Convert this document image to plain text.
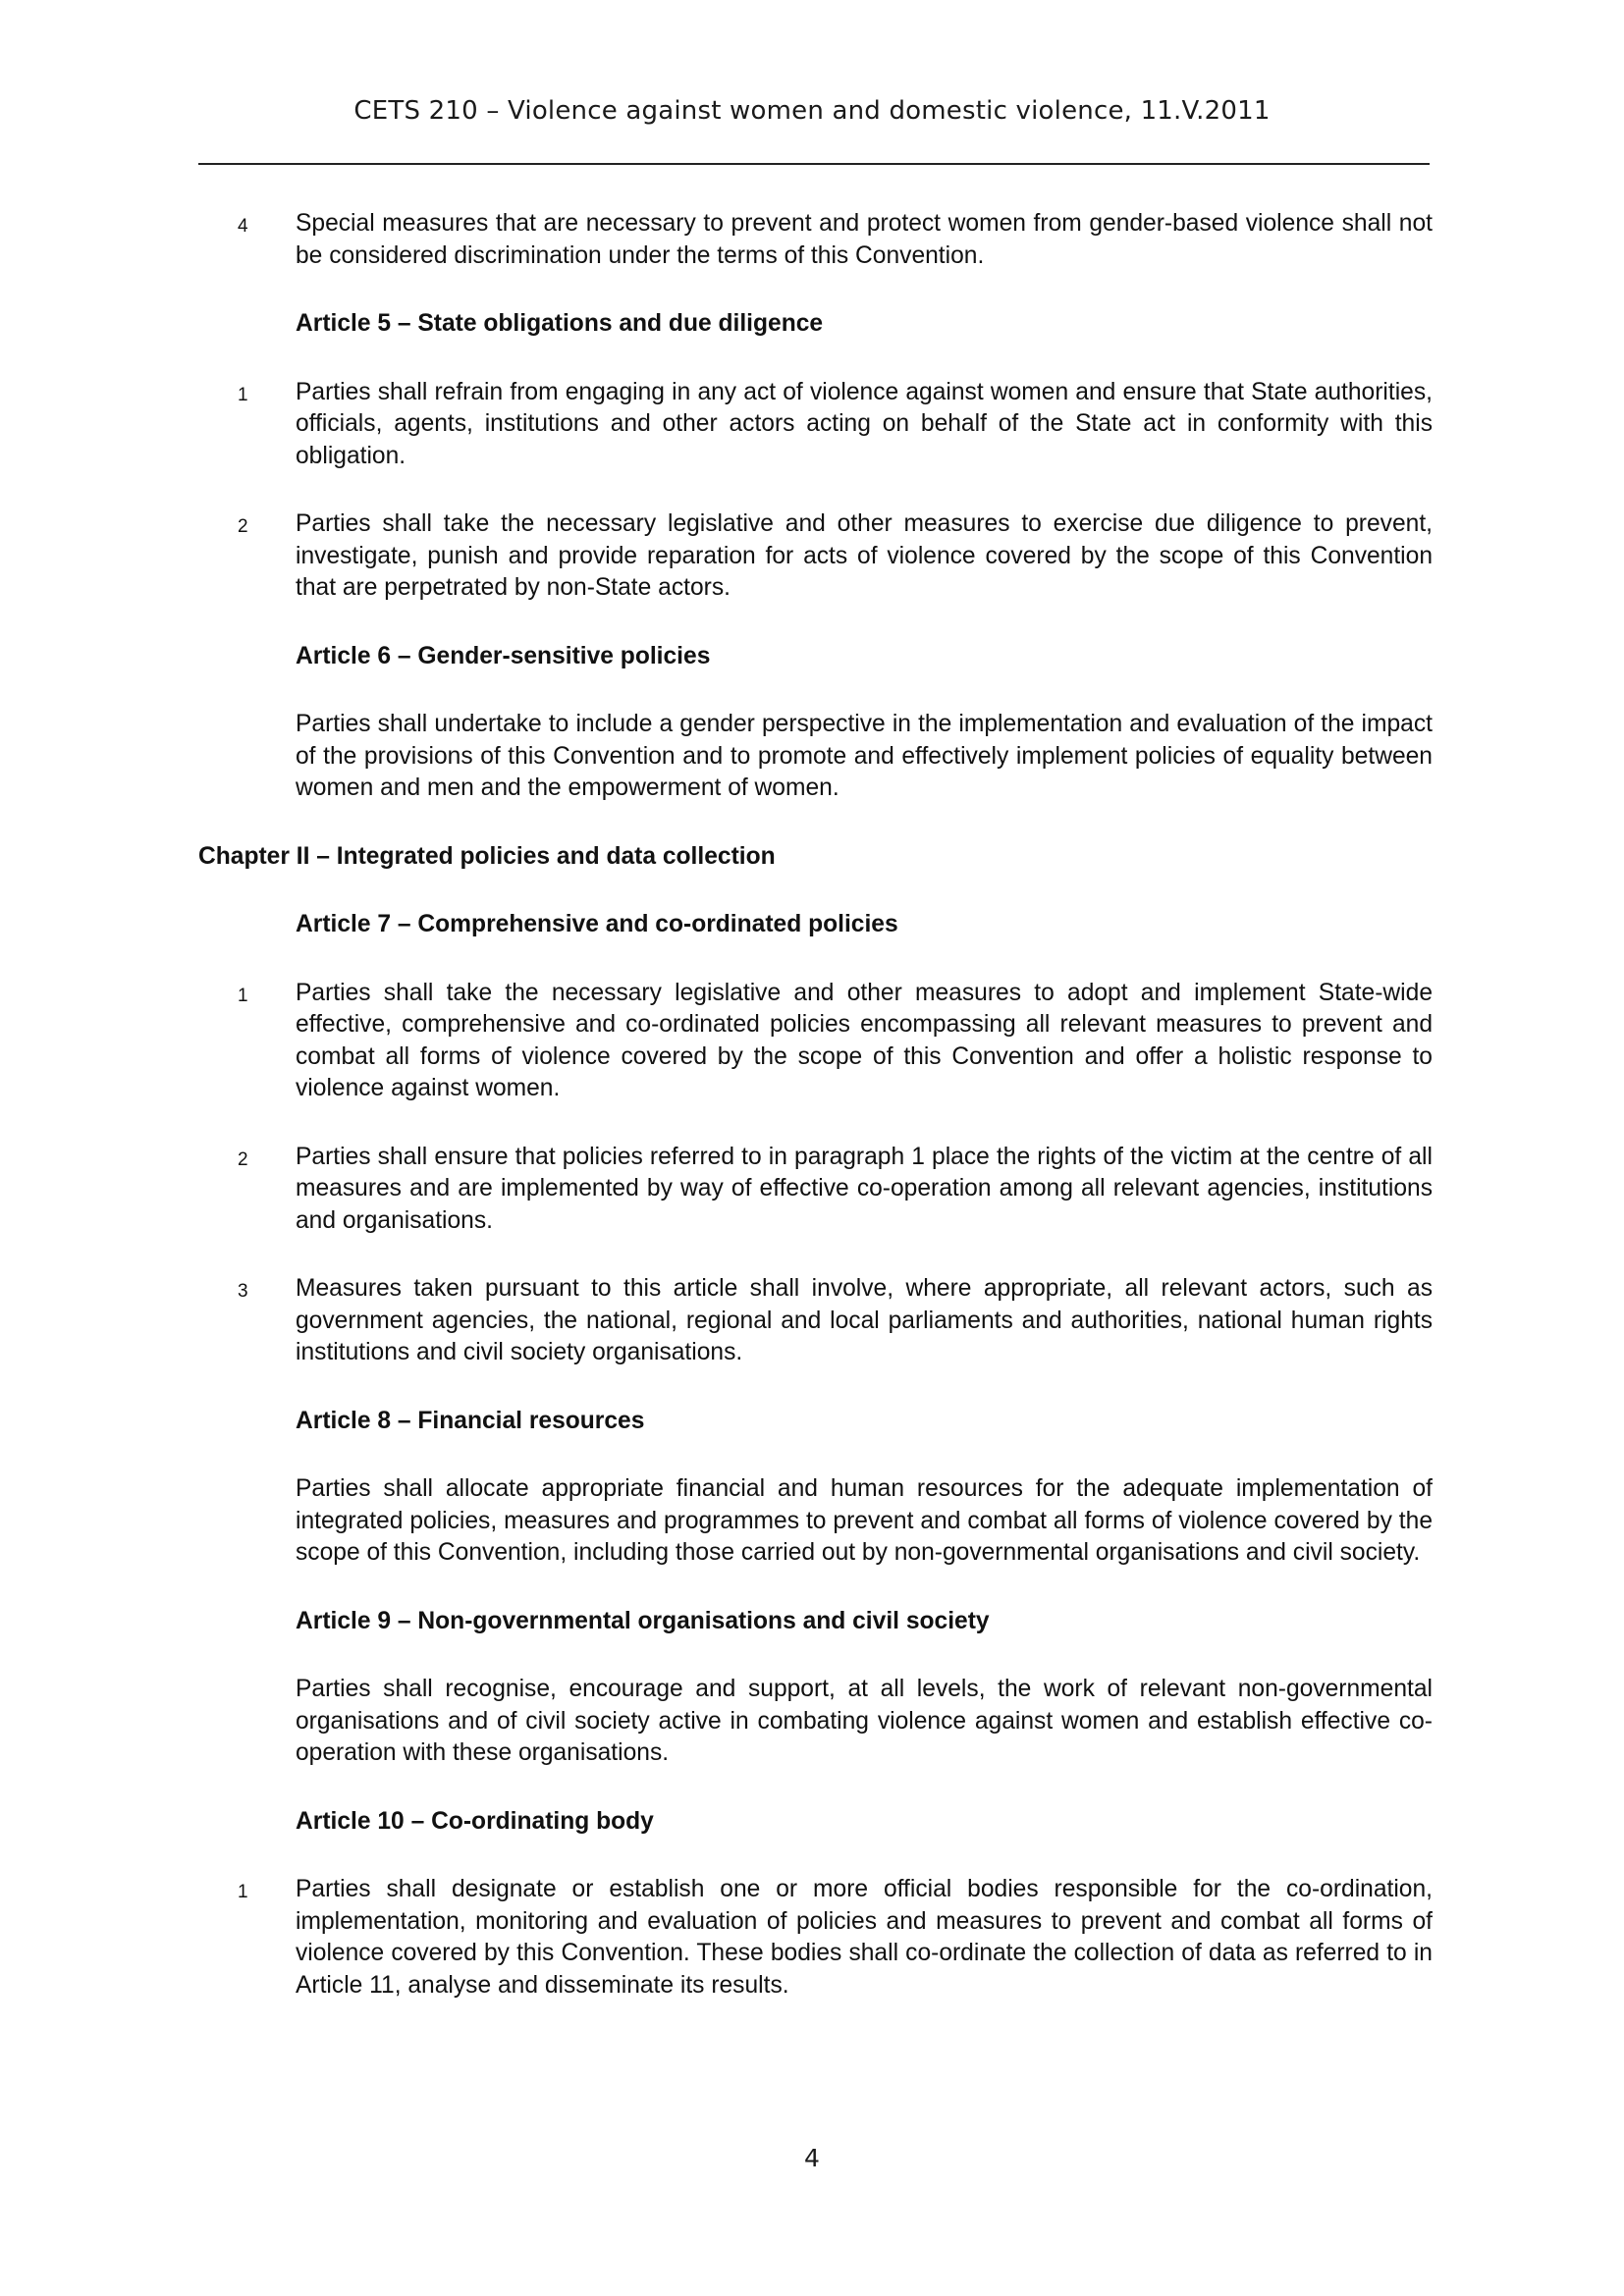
CETS 210 – Violence against women and domestic violence, 11.V.2011
4 Special measures that are necessary to prevent and protect women from gender-based violence shall not be considered discrimination under the terms of this Convention.
Article 5 – State obligations and due diligence
1 Parties shall refrain from engaging in any act of violence against women and ensure that State authorities, officials, agents, institutions and other actors acting on behalf of the State act in conformity with this obligation.
2 Parties shall take the necessary legislative and other measures to exercise due diligence to prevent, investigate, punish and provide reparation for acts of violence covered by the scope of this Convention that are perpetrated by non-State actors.
Article 6 – Gender-sensitive policies
Parties shall undertake to include a gender perspective in the implementation and evaluation of the impact of the provisions of this Convention and to promote and effectively implement policies of equality between women and men and the empowerment of women.
Chapter II – Integrated policies and data collection
Article 7 – Comprehensive and co-ordinated policies
1 Parties shall take the necessary legislative and other measures to adopt and implement State-wide effective, comprehensive and co-ordinated policies encompassing all relevant measures to prevent and combat all forms of violence covered by the scope of this Convention and offer a holistic response to violence against women.
2 Parties shall ensure that policies referred to in paragraph 1 place the rights of the victim at the centre of all measures and are implemented by way of effective co-operation among all relevant agencies, institutions and organisations.
3 Measures taken pursuant to this article shall involve, where appropriate, all relevant actors, such as government agencies, the national, regional and local parliaments and authorities, national human rights institutions and civil society organisations.
Article 8 – Financial resources
Parties shall allocate appropriate financial and human resources for the adequate implementation of integrated policies, measures and programmes to prevent and combat all forms of violence covered by the scope of this Convention, including those carried out by non-governmental organisations and civil society.
Article 9 – Non-governmental organisations and civil society
Parties shall recognise, encourage and support, at all levels, the work of relevant non-governmental organisations and of civil society active in combating violence against women and establish effective co-operation with these organisations.
Article 10 – Co-ordinating body
1 Parties shall designate or establish one or more official bodies responsible for the co-ordination, implementation, monitoring and evaluation of policies and measures to prevent and combat all forms of violence covered by this Convention. These bodies shall co-ordinate the collection of data as referred to in Article 11, analyse and disseminate its results.
4
